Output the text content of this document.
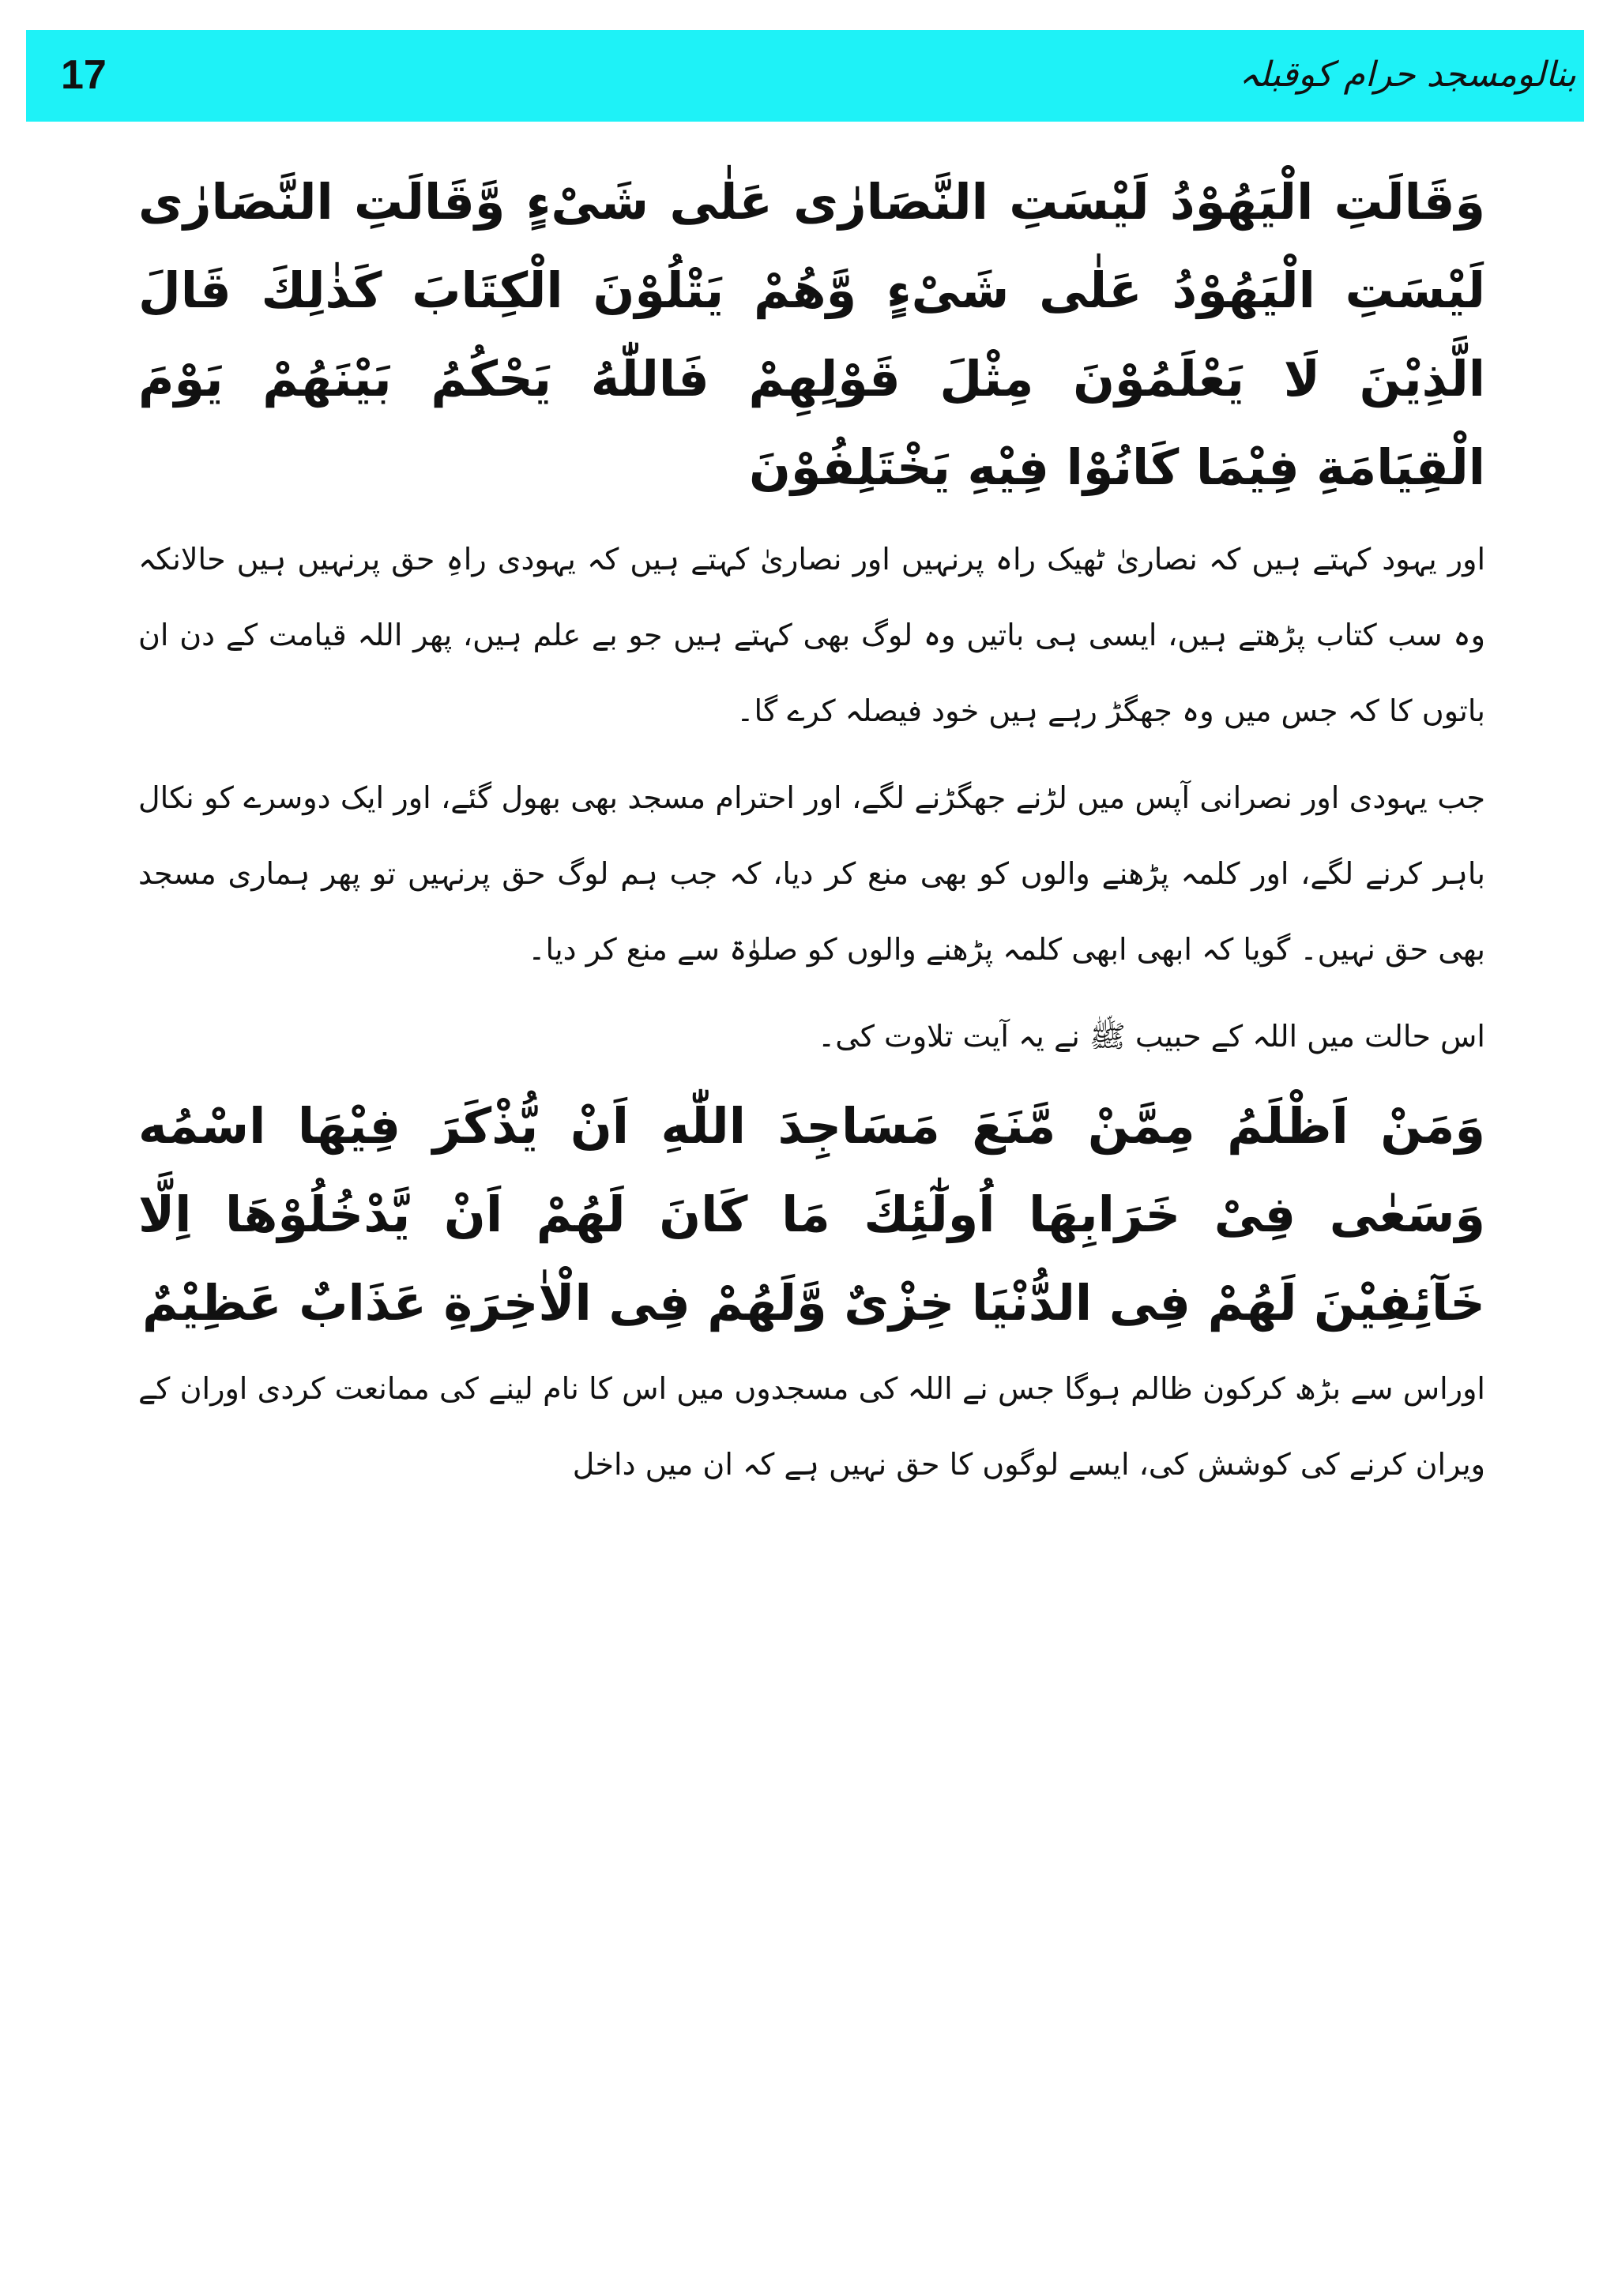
17	بنالومسجد حرام کوقبلہ

وَقَالَتِ الْيَهُوْدُ لَيْسَتِ النَّصَارٰى عَلٰى شَىْءٍ وَّقَالَتِ النَّصَارٰى لَيْسَتِ الْيَهُوْدُ عَلٰى شَىْءٍ وَّهُمْ يَتْلُوْنَ الْكِتَابَ كَذٰلِكَ قَالَ الَّذِيْنَ لَا يَعْلَمُوْنَ مِثْلَ قَوْلِهِمْ فَاللّٰهُ يَحْكُمُ بَيْنَهُمْ يَوْمَ الْقِيَامَةِ فِيْمَا كَانُوْا فِيْهِ يَخْتَلِفُوْنَ

اور یہود کہتے ہیں کہ نصاریٰ ٹھیک راہ پرنہیں اور نصاریٰ کہتے ہیں کہ یہودی راہِ حق پرنہیں ہیں حالانکہ وہ سب کتاب پڑھتے ہیں، ایسی ہی باتیں وہ لوگ بھی کہتے ہیں جو بے علم ہیں، پھر اللہ قیامت کے دن ان باتوں کا کہ جس میں وہ جھگڑ رہے ہیں خود فیصلہ کرے گا۔

جب یہودی اور نصرانی آپس میں لڑنے جھگڑنے لگے، اور احترام مسجد بھی بھول گئے، اور ایک دوسرے کو نکال باہر کرنے لگے، اور کلمہ پڑھنے والوں کو بھی منع کر دیا، کہ جب ہم لوگ حق پرنہیں تو پھر ہماری مسجد بھی حق نہیں۔ گویا کہ ابھی ابھی کلمہ پڑھنے والوں کو صلوٰۃ سے منع کر دیا۔

اس حالت میں اللہ کے حبیب ﷺ نے یہ آیت تلاوت کی۔

وَمَنْ اَظْلَمُ مِمَّنْ مَّنَعَ مَسَاجِدَ اللّٰهِ اَنْ يُّذْكَرَ فِيْهَا اسْمُه وَسَعٰى فِىْ خَرَابِهَا اُولٰٓئِكَ مَا كَانَ لَهُمْ اَنْ يَّدْخُلُوْهَا اِلَّا خَآئِفِيْنَ لَهُمْ فِى الدُّنْيَا خِزْىٌ وَّلَهُمْ فِى الْاٰخِرَةِ عَذَابٌ عَظِيْمٌ

اوراس سے بڑھ کرکون ظالم ہوگا جس نے اللہ کی مسجدوں میں اس کا نام لینے کی ممانعت کردی اوران کے ویران کرنے کی کوشش کی، ایسے لوگوں کا حق نہیں ہے کہ ان میں داخل
